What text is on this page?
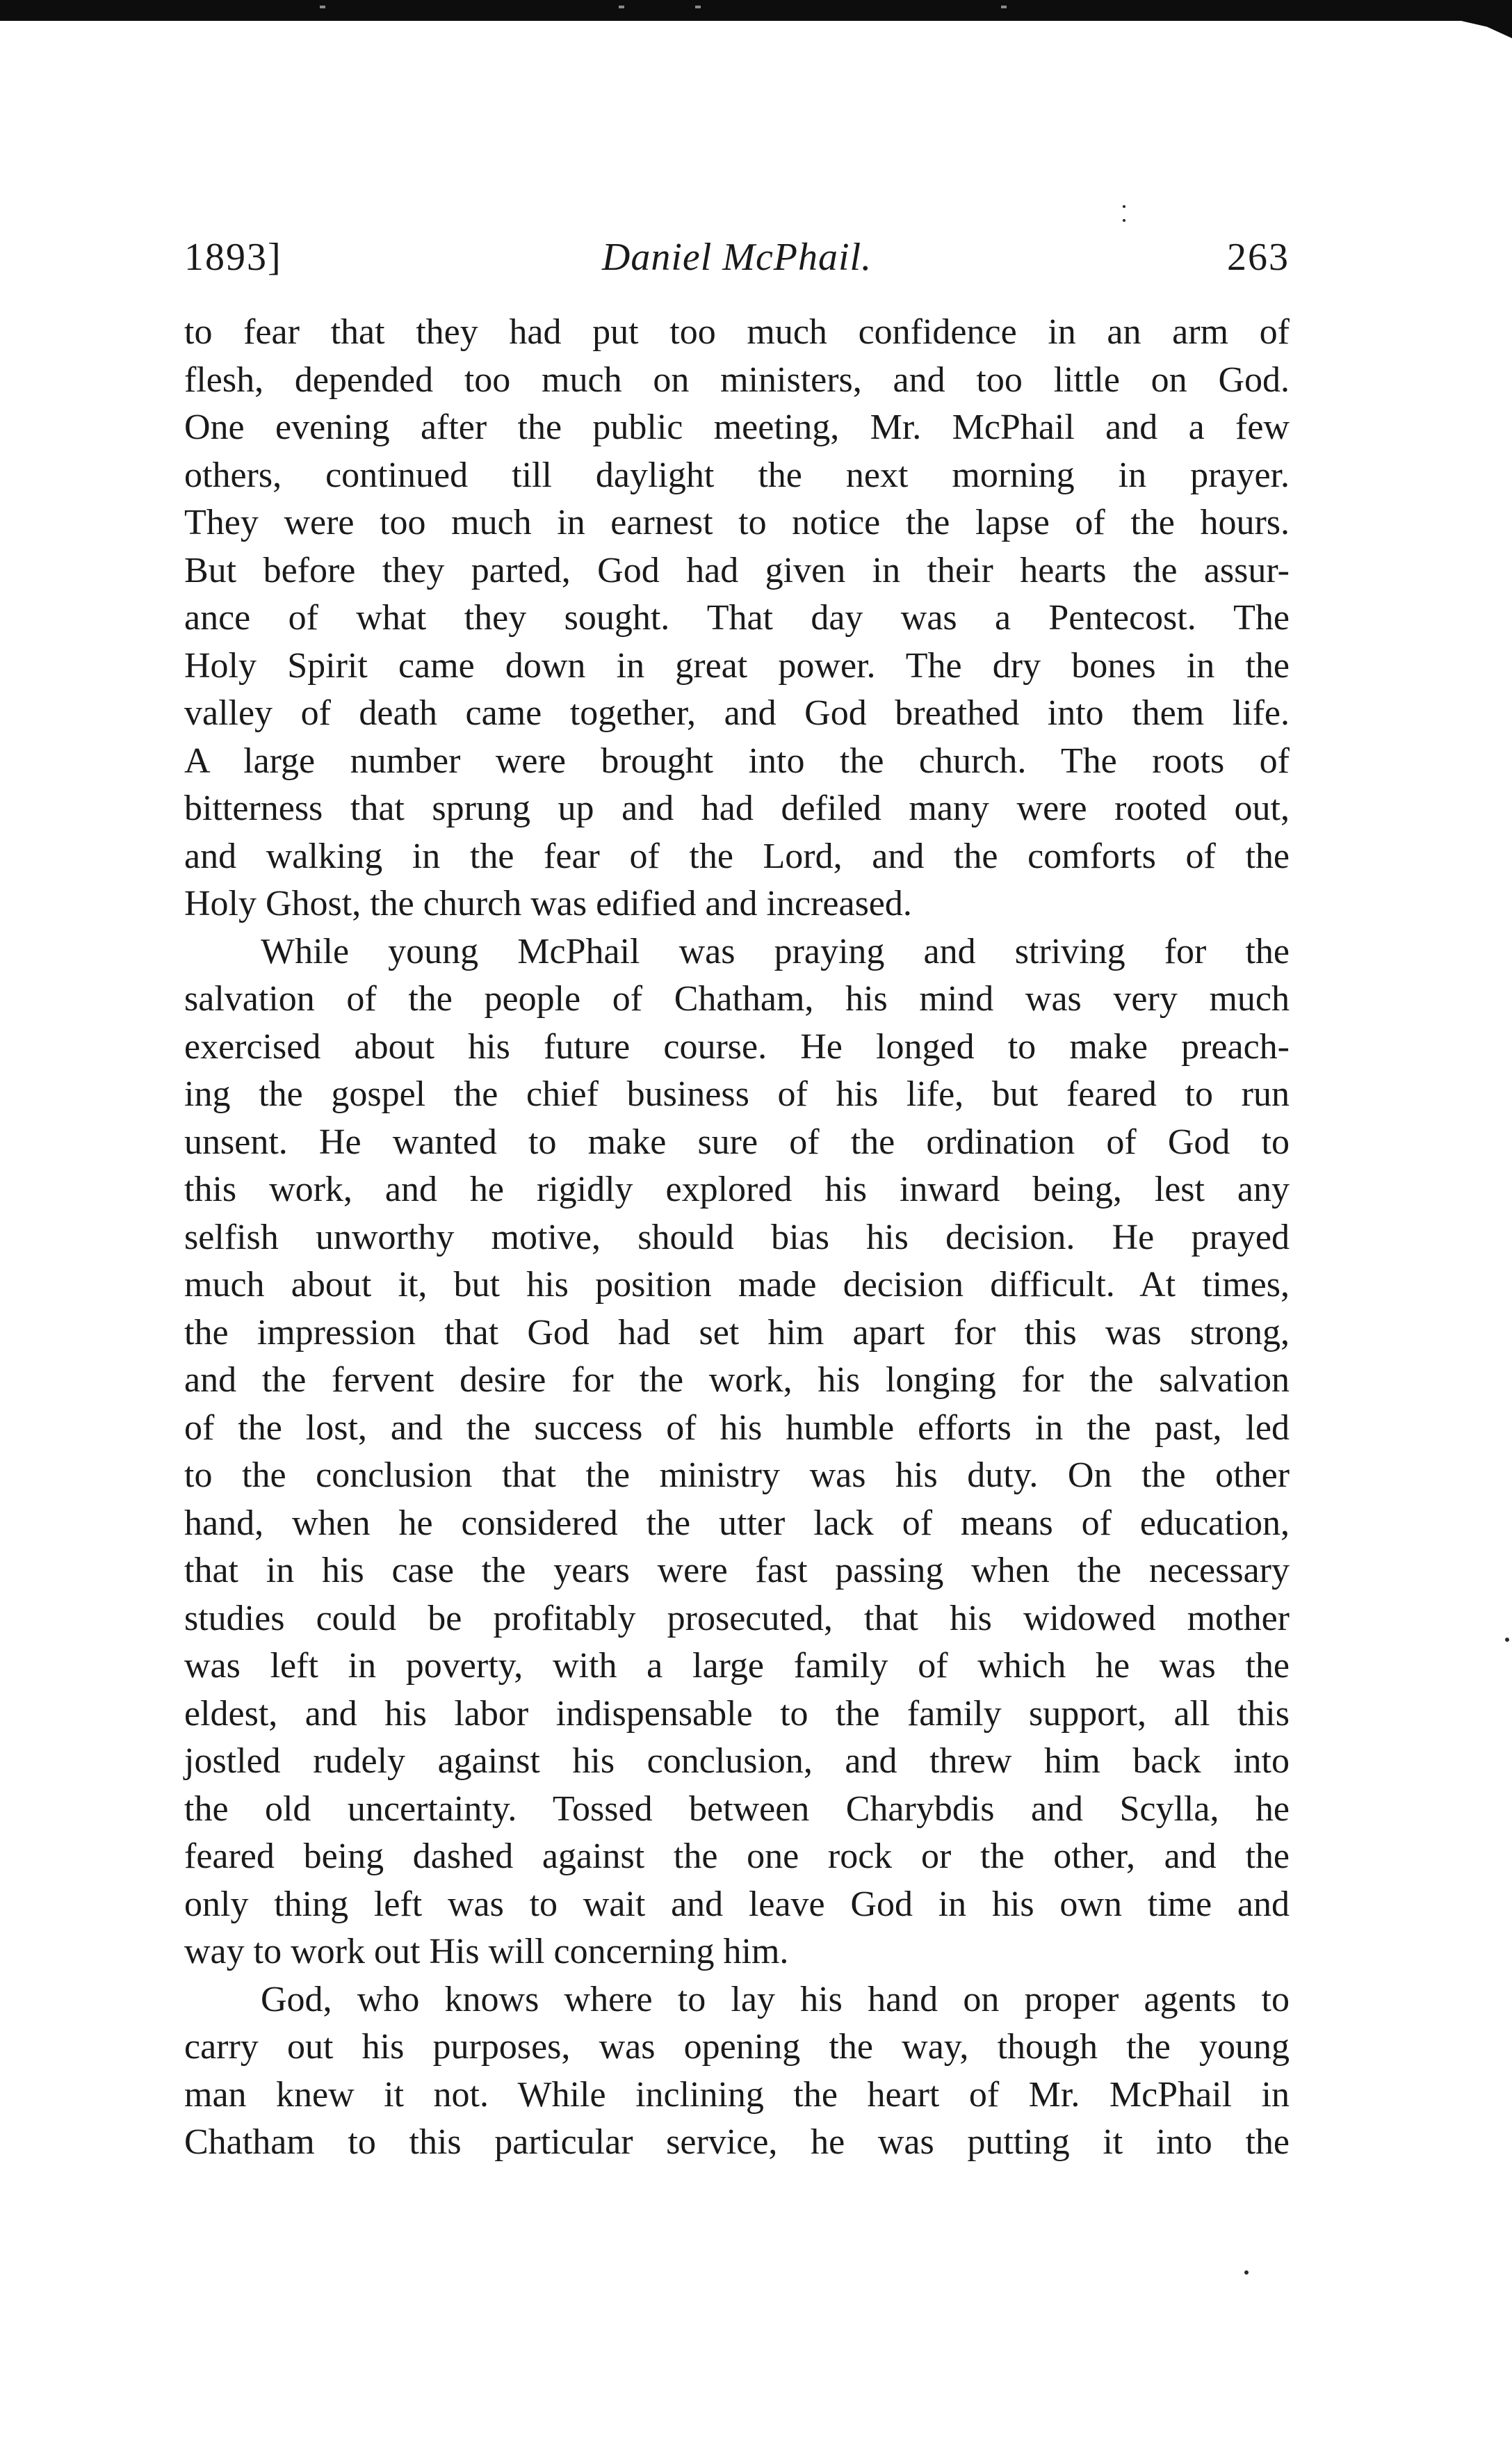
1893]	Daniel McPhail.	263
to fear that they had put too much confidence in an arm of
flesh, depended too much on ministers, and too little on God.
One evening after the public meeting, Mr. McPhail and a few
others, continued till daylight the next morning in prayer.
They were too much in earnest to notice the lapse of the hours.
But before they parted, God had given in their hearts the assur-
ance of what they sought. That day was a Pentecost. The
Holy Spirit came down in great power. The dry bones in the
valley of death came together, and God breathed into them life.
A large number were brought into the church. The roots of
bitterness that sprung up and had defiled many were rooted out,
and walking in the fear of the Lord, and the comforts of the
Holy Ghost, the church was edified and increased.
While young McPhail was praying and striving for the
salvation of the people of Chatham, his mind was very much
exercised about his future course. He longed to make preach-
ing the gospel the chief business of his life, but feared to run
unsent. He wanted to make sure of the ordination of God to
this work, and he rigidly explored his inward being, lest any
selfish unworthy motive, should bias his decision. He prayed
much about it, but his position made decision difficult. At times,
the impression that God had set him apart for this was strong,
and the fervent desire for the work, his longing for the salvation
of the lost, and the success of his humble efforts in the past, led
to the conclusion that the ministry was his duty. On the other
hand, when he considered the utter lack of means of education,
that in his case the years were fast passing when the necessary
studies could be profitably prosecuted, that his widowed mother
was left in poverty, with a large family of which he was the
eldest, and his labor indispensable to the family support, all this
jostled rudely against his conclusion, and threw him back into
the old uncertainty. Tossed between Charybdis and Scylla, he
feared being dashed against the one rock or the other, and the
only thing left was to wait and leave God in his own time and
way to work out His will concerning him.
God, who knows where to lay his hand on proper agents to
carry out his purposes, was opening the way, though the young
man knew it not. While inclining the heart of Mr. McPhail in
Chatham to this particular service, he was putting it into the
